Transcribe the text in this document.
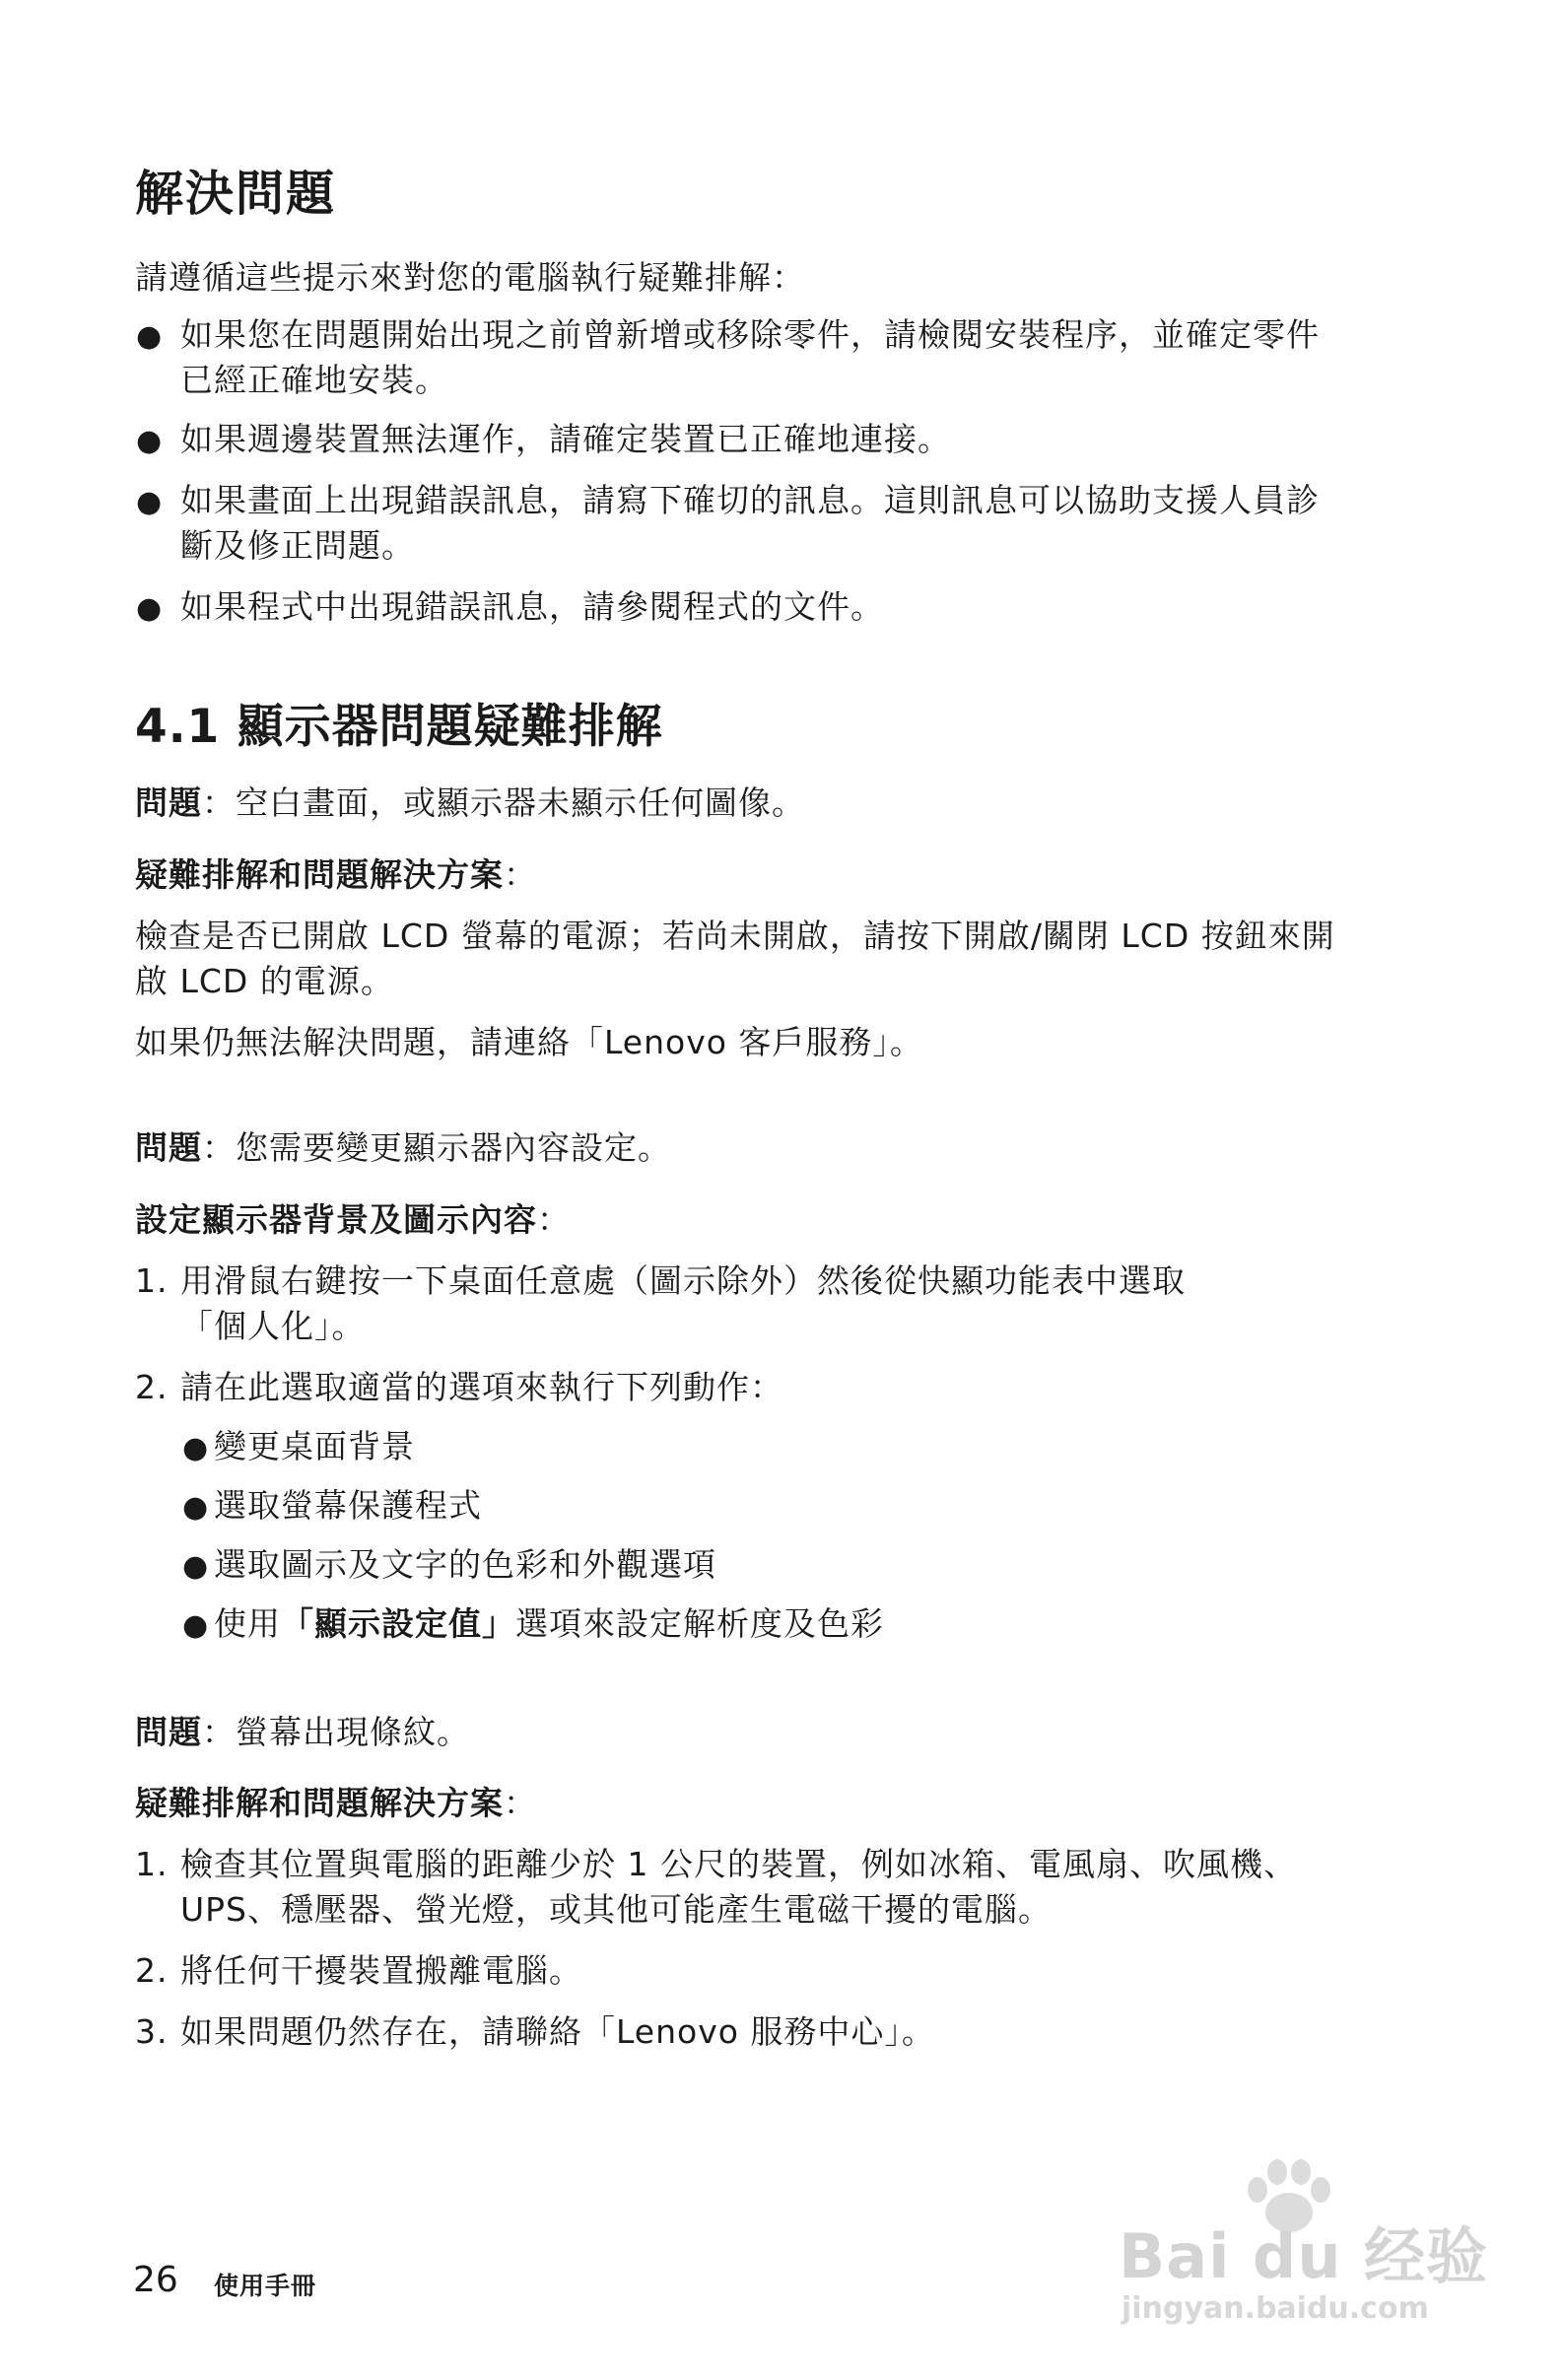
解決問題
請遵循這些提示來對您的電腦執行疑難排解：
● 如果您在問題開始出現之前曾新增或移除零件，請檢閱安裝程序，並確定零件
已經正確地安裝。
● 如果週邊裝置無法運作，請確定裝置已正確地連接。
● 如果畫面上出現錯誤訊息，請寫下確切的訊息。這則訊息可以協助支援人員診
斷及修正問題。
● 如果程式中出現錯誤訊息，請參閱程式的文件。
4.1 顯示器問題疑難排解
問題：空白畫面，或顯示器未顯示任何圖像。
疑難排解和問題解決方案：
檢查是否已開啟 LCD 螢幕的電源；若尚未開啟，請按下開啟/關閉 LCD 按鈕來開
啟 LCD 的電源。
如果仍無法解決問題，請連絡「Lenovo 客戶服務」。
問題：您需要變更顯示器內容設定。
設定顯示器背景及圖示內容：
1. 用滑鼠右鍵按一下桌面任意處（圖示除外）然後從快顯功能表中選取
「個人化」。
2. 請在此選取適當的選項來執行下列動作：
● 變更桌面背景
● 選取螢幕保護程式
● 選取圖示及文字的色彩和外觀選項
● 使用「顯示設定值」選項來設定解析度及色彩
問題：螢幕出現條紋。
疑難排解和問題解決方案：
1. 檢查其位置與電腦的距離少於 1 公尺的裝置，例如冰箱、電風扇、吹風機、
UPS、穩壓器、螢光燈，或其他可能產生電磁干擾的電腦。
2. 將任何干擾裝置搬離電腦。
3. 如果問題仍然存在，請聯絡「Lenovo 服務中心」。
26 使用手冊	Bai du 经验
jingyan.baidu.com
